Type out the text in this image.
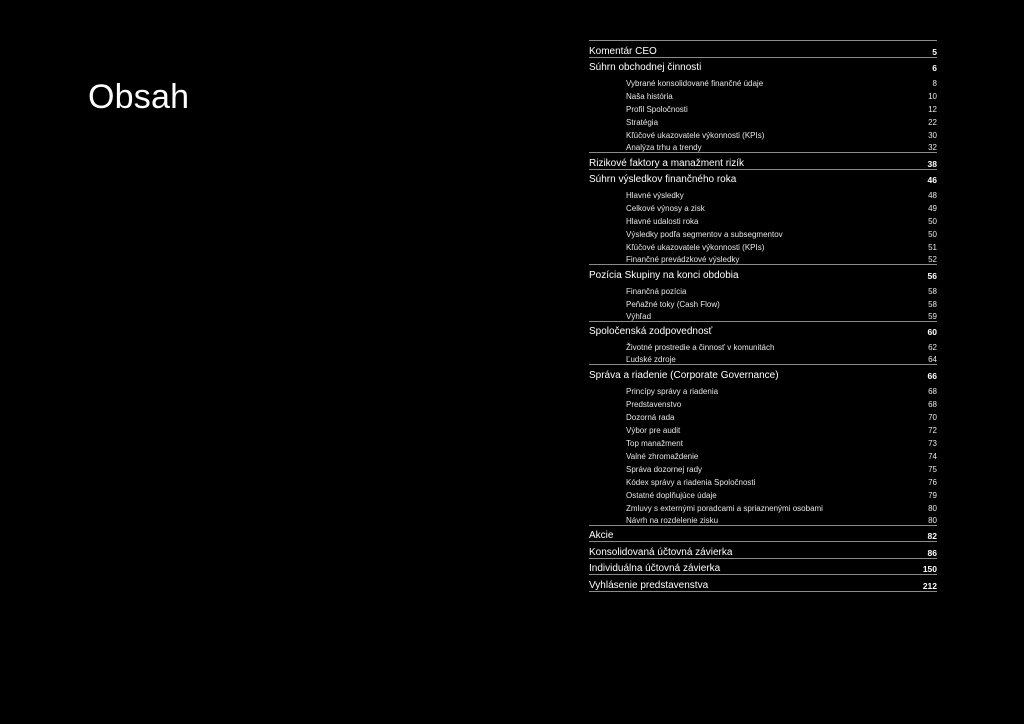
Obsah
Komentár CEO	5
Súhrn obchodnej činnosti	6
Vybrané konsolidované finančné údaje	8
Naša história	10
Profil Spoločnosti	12
Stratégia	22
Kľúčové ukazovatele výkonnosti (KPIs)	30
Analýza trhu a trendy	32
Rizikové faktory a manažment rizík	38
Súhrn výsledkov finančného roka	46
Hlavné výsledky	48
Celkové výnosy a zisk	49
Hlavné udalosti roka	50
Výsledky podľa segmentov a subsegmentov	50
Kľúčové ukazovatele výkonnosti (KPIs)	51
Finančné prevádzkové výsledky	52
Pozícia Skupiny na konci obdobia	56
Finančná pozícia	58
Peňažné toky (Cash Flow)	58
Výhľad	59
Spoločenská zodpovednosť	60
Životné prostredie a činnosť v komunitách	62
Ľudské zdroje	64
Správa a riadenie (Corporate Governance)	66
Princípy správy a riadenia	68
Predstavenstvo	68
Dozorná rada	70
Výbor pre audit	72
Top manažment	73
Valné zhromaždenie	74
Správa dozornej rady	75
Kódex správy a riadenia Spoločnosti	76
Ostatné doplňujúce údaje	79
Zmluvy s externými poradcami a spriaznenými osobami	80
Návrh na rozdelenie zisku	80
Akcie	82
Konsolidovaná účtovná závierka	86
Individuálna účtovná závierka	150
Vyhlásenie predstavenstva	212
